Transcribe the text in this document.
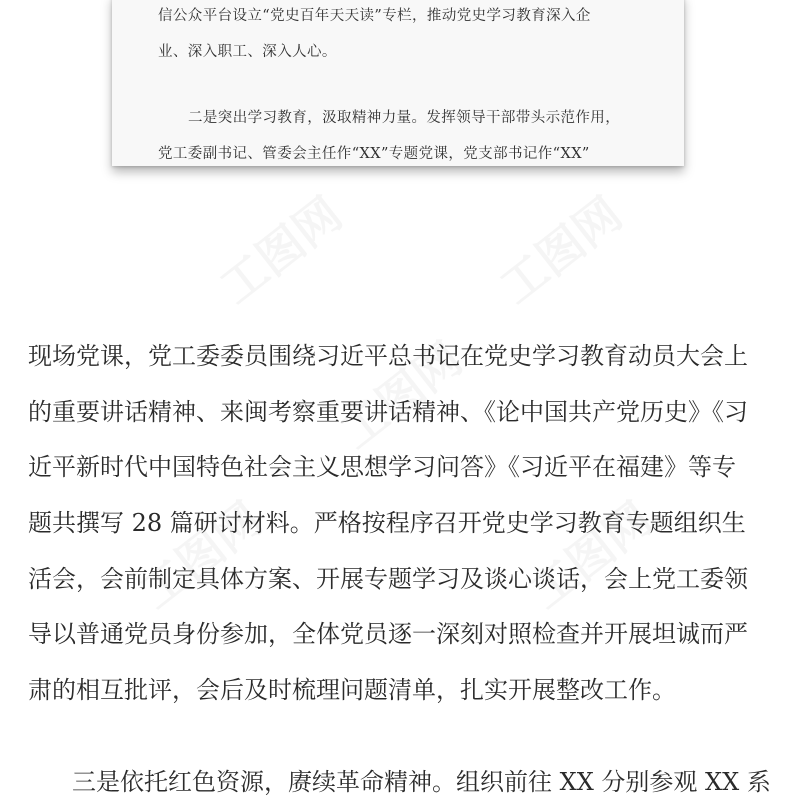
工图网	工图网
工图网
工图网	工图网
信公众平台设立“党史百年天天读”专栏，推动党史学习教育深入企
业、深入职工、深入人心。
二是突出学习教育，汲取精神力量。发挥领导干部带头示范作用，
党工委副书记、管委会主任作“XX”专题党课，党支部书记作“XX”
现场党课，党工委委员围绕习近平总书记在党史学习教育动员大会上
的重要讲话精神、来闽考察重要讲话精神、《论中国共产党历史》《习
近平新时代中国特色社会主义思想学习问答》《习近平在福建》等专
题共撰写 28 篇研讨材料。严格按程序召开党史学习教育专题组织生
活会，会前制定具体方案、开展专题学习及谈心谈话，会上党工委领
导以普通党员身份参加，全体党员逐一深刻对照检查并开展坦诚而严
肃的相互批评，会后及时梳理问题清单，扎实开展整改工作。
三是依托红色资源，赓续革命精神。组织前往 XX 分别参观 XX 系
